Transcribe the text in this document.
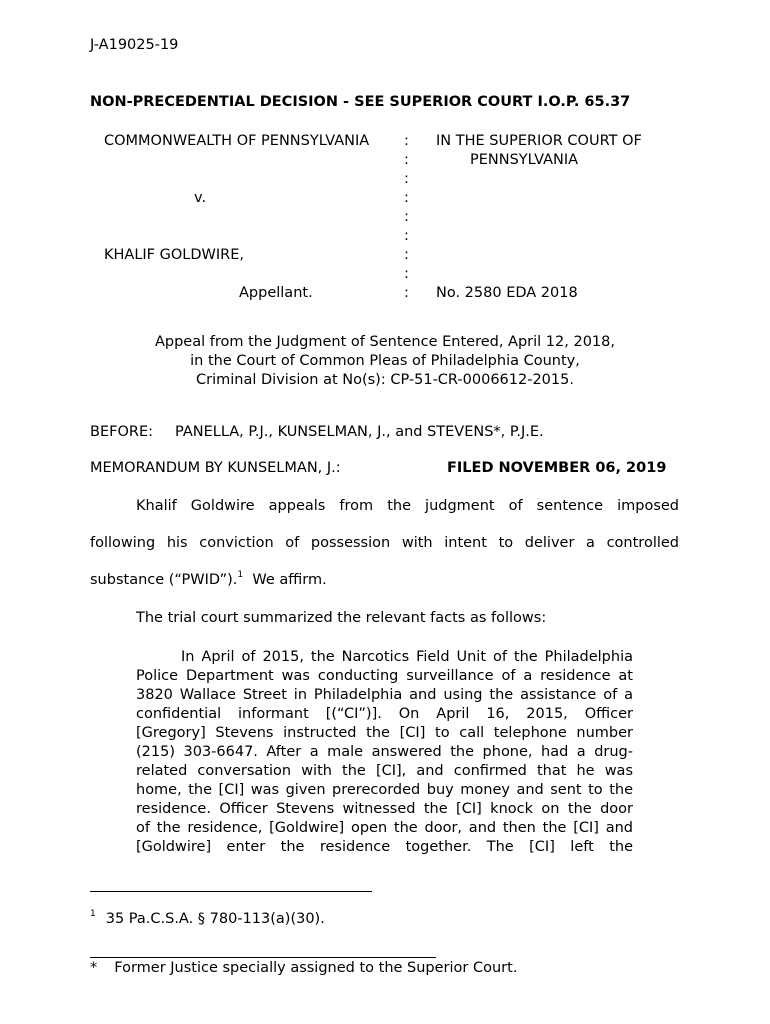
J-A19025-19
NON-PRECEDENTIAL DECISION - SEE SUPERIOR COURT I.O.P. 65.37
COMMONWEALTH OF PENNSYLVANIA
v.
KHALIF GOLDWIRE,
Appellant.
:
:
:
:
:
:
:
:
:
IN THE SUPERIOR COURT OF
PENNSYLVANIA
No. 2580 EDA 2018
Appeal from the Judgment of Sentence Entered, April 12, 2018,
in the Court of Common Pleas of Philadelphia County,
Criminal Division at No(s): CP-51-CR-0006612-2015.
BEFORE: PANELLA, P.J., KUNSELMAN, J., and STEVENS*, P.J.E.
MEMORANDUM BY KUNSELMAN, J.:	FILED NOVEMBER 06, 2019
Khalif Goldwire appeals from the judgment of sentence imposed
following his conviction of possession with intent to deliver a controlled
substance (“PWID”).$^1$  We affirm.
The trial court summarized the relevant facts as follows:

In April of 2015, the Narcotics Field Unit of the Philadelphia

Police Department was conducting surveillance of a residence at

3820 Wallace Street in Philadelphia and using the assistance of a

confidential informant [(“CI”)]. On April 16, 2015, Officer

[Gregory] Stevens instructed the [CI] to call telephone number

(215) 303-6647. After a male answered the phone, had a drug-

related conversation with the [CI], and confirmed that he was

home, the [CI] was given prerecorded buy money and sent to the

residence. Officer Stevens witnessed the [CI] knock on the door

of the residence, [Goldwire] open the door, and then the [CI] and

[Goldwire] enter the residence together. The [CI] left the

$^1$ 35 Pa.C.S.A. § 780-113(a)(30).
* Former Justice specially assigned to the Superior Court.
